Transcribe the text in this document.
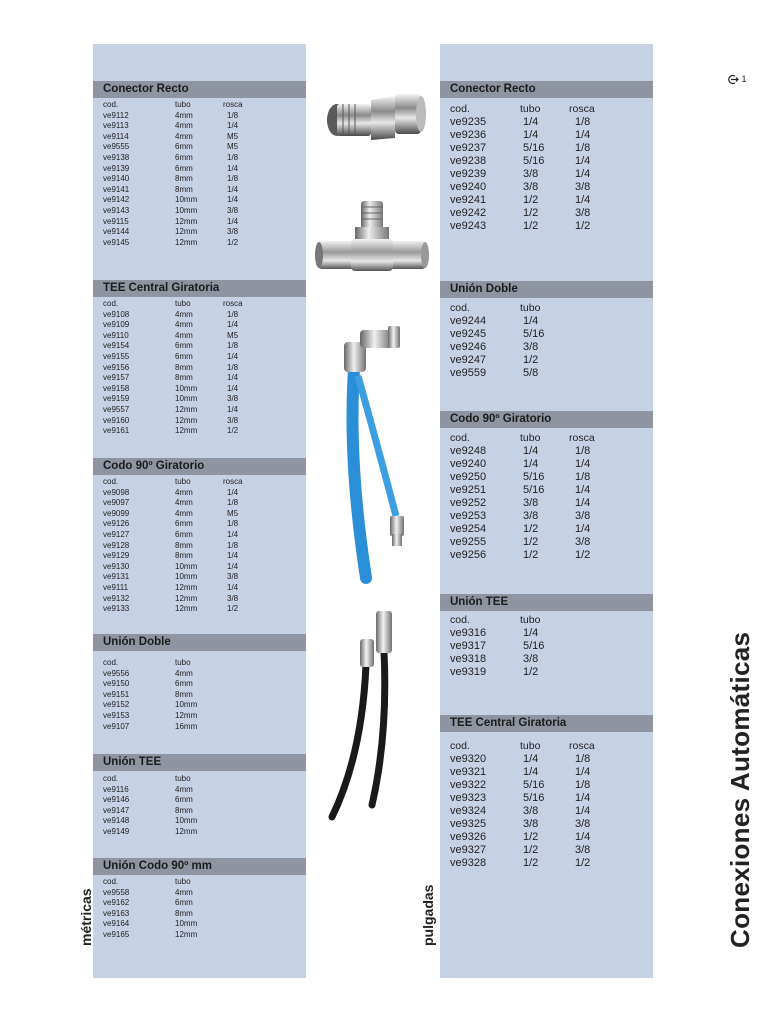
Conector Recto
cod.	tubo	rosca
ve9112	4mm	1/8
ve9113	4mm	1/4
ve9114	4mm	M5
ve9555	6mm	M5
ve9138	6mm	1/8
ve9139	6mm	1/4
ve9140	8mm	1/8
ve9141	8mm	1/4
ve9142	10mm	1/4
ve9143	10mm	3/8
ve9115	12mm	1/4
ve9144	12mm	3/8
ve9145	12mm	1/2
TEE Central Giratoria
cod.	tubo	rosca
ve9108	4mm	1/8
ve9109	4mm	1/4
ve9110	4mm	M5
ve9154	6mm	1/8
ve9155	6mm	1/4
ve9156	8mm	1/8
ve9157	8mm	1/4
ve9158	10mm	1/4
ve9159	10mm	3/8
ve9557	12mm	1/4
ve9160	12mm	3/8
ve9161	12mm	1/2
Codo 90º Giratorio
cod.	tubo	rosca
ve9098	4mm	1/4
ve9097	4mm	1/8
ve9099	4mm	M5
ve9126	6mm	1/8
ve9127	6mm	1/4
ve9128	8mm	1/8
ve9129	8mm	1/4
ve9130	10mm	1/4
ve9131	10mm	3/8
ve9111	12mm	1/4
ve9132	12mm	3/8
ve9133	12mm	1/2
Unión Doble
cod.	tubo
ve9556	4mm
ve9150	6mm
ve9151	8mm
ve9152	10mm
ve9153	12mm
ve9107	16mm
Unión TEE
cod.	tubo
ve9116	4mm
ve9146	6mm
ve9147	8mm
ve9148	10mm
ve9149	12mm
Unión Codo 90º mm
cod.	tubo
ve9558	4mm
ve9162	6mm
ve9163	8mm
ve9164	10mm
ve9165	12mm
Conector Recto
cod.	tubo	rosca
ve9235	1/4	1/8
ve9236	1/4	1/4
ve9237	5/16	1/8
ve9238	5/16	1/4
ve9239	3/8	1/4
ve9240	3/8	3/8
ve9241	1/2	1/4
ve9242	1/2	3/8
ve9243	1/2	1/2
Unión Doble
cod.	tubo
ve9244	1/4
ve9245	5/16
ve9246	3/8
ve9247	1/2
ve9559	5/8
Codo 90º Giratorio
cod.	tubo	rosca
ve9248	1/4	1/8
ve9240	1/4	1/4
ve9250	5/16	1/8
ve9251	5/16	1/4
ve9252	3/8	1/4
ve9253	3/8	3/8
ve9254	1/2	1/4
ve9255	1/2	3/8
ve9256	1/2	1/2
Unión TEE
cod.	tubo
ve9316	1/4
ve9317	5/16
ve9318	3/8
ve9319	1/2
TEE Central Giratoria
cod.	tubo	rosca
ve9320	1/4	1/8
ve9321	1/4	1/4
ve9322	5/16	1/8
ve9323	5/16	1/4
ve9324	3/8	1/4
ve9325	3/8	3/8
ve9326	1/2	1/4
ve9327	1/2	3/8
ve9328	1/2	1/2
métricas	pulgadas	Conexiones Automáticas
1
